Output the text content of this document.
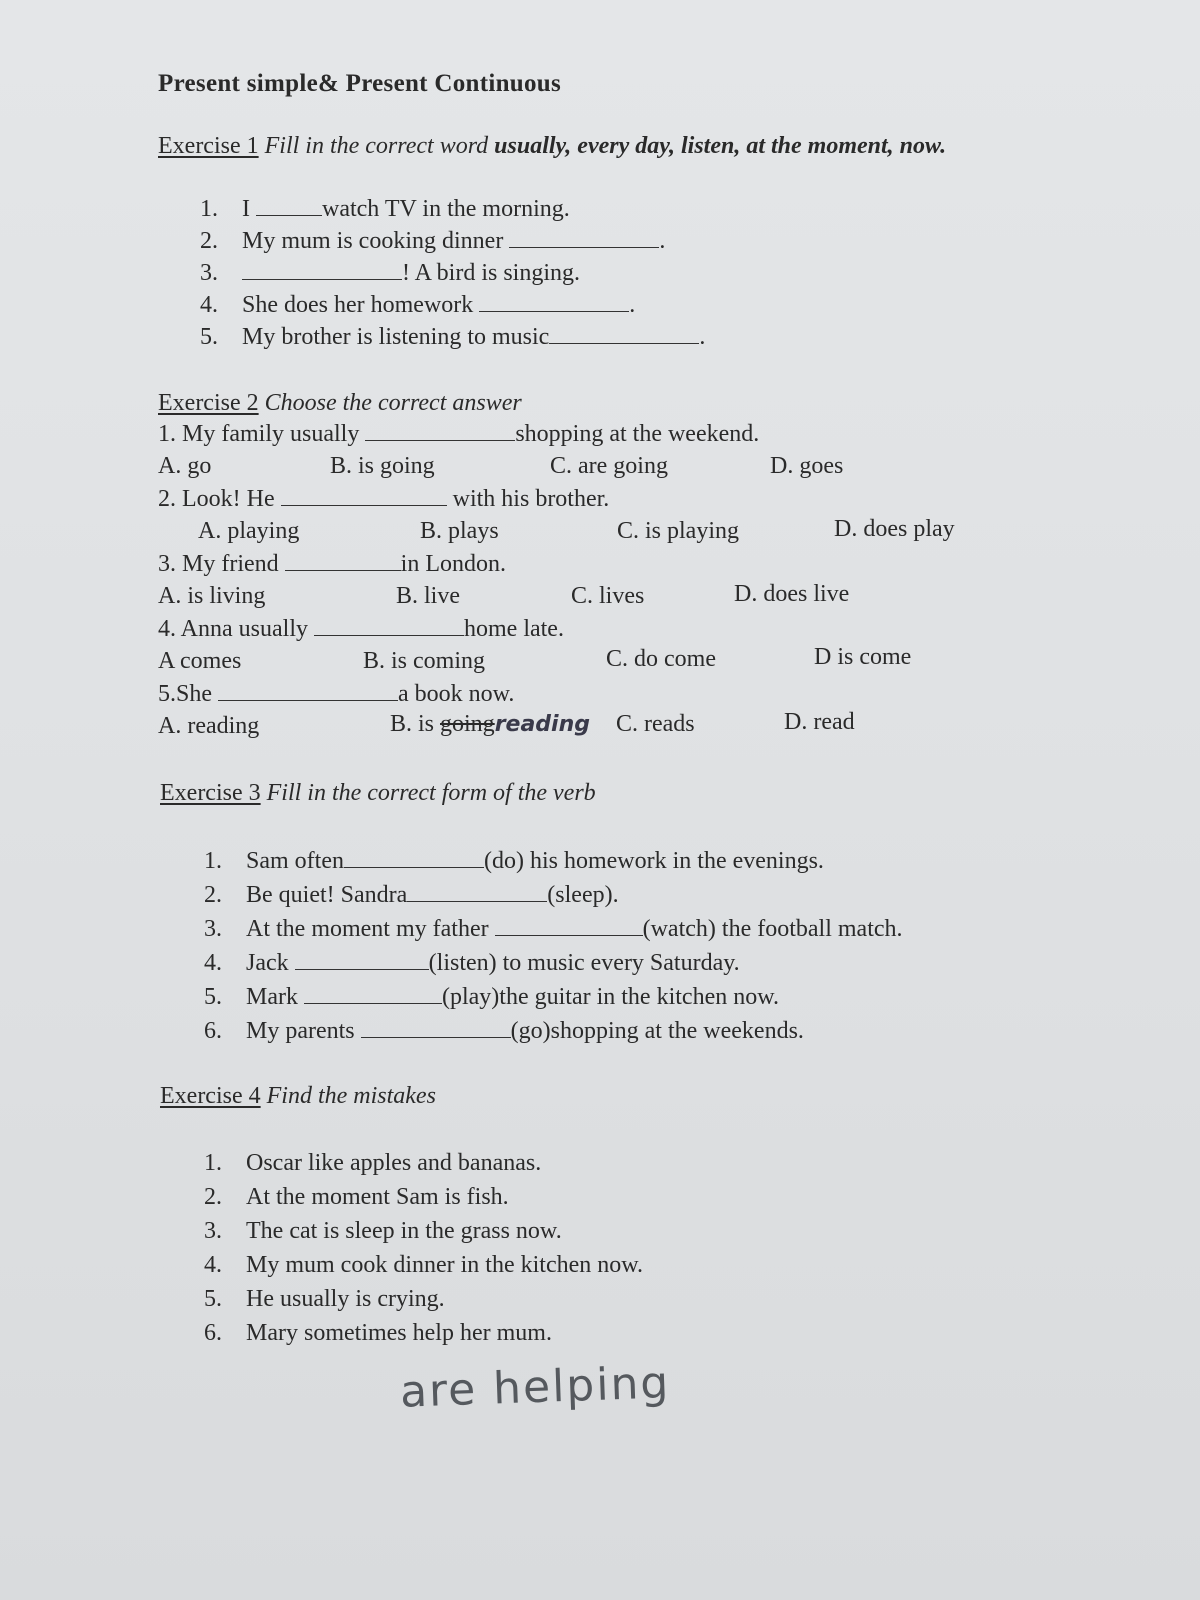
Present simple& Present Continuous
Exercise 1 Fill in the correct word usually, every day, listen, at the moment, now.
1. I	watch TV in the morning.
2. My mum is cooking dinner	.
3.	! A bird is singing.
4. She does her homework	.
5. My brother is listening to music	.
Exercise 2 Choose the correct answer
1. My family usually	shopping at the weekend.
A. go	B. is going	C. are going	D. goes
2. Look! He	with his brother.
A. playing	B. plays	C. is playing	D. does play
3. My friend	in London.
A. is living	B. live	C. lives	D. does live
4. Anna usually	home late.
A comes	B. is coming	C. do come	D is come
5.She	a book now.
A. reading	B. is goingreading C. reads	D. read
Exercise 3 Fill in the correct form of the verb
1. Sam often	(do) his homework in the evenings.
2. Be quiet! Sandra	(sleep).
3. At the moment my father	(watch) the football match.
4. Jack	(listen) to music every Saturday.
5. Mark	(play)the guitar in the kitchen now.
6. My parents	(go)shopping at the weekends.
Exercise 4 Find the mistakes
1. Oscar like apples and bananas.
2. At the moment Sam is fish.
3. The cat is sleep in the grass now.
4. My mum cook dinner in the kitchen now.
5. He usually is crying.
6. Mary sometimes help her mum.
are helping
